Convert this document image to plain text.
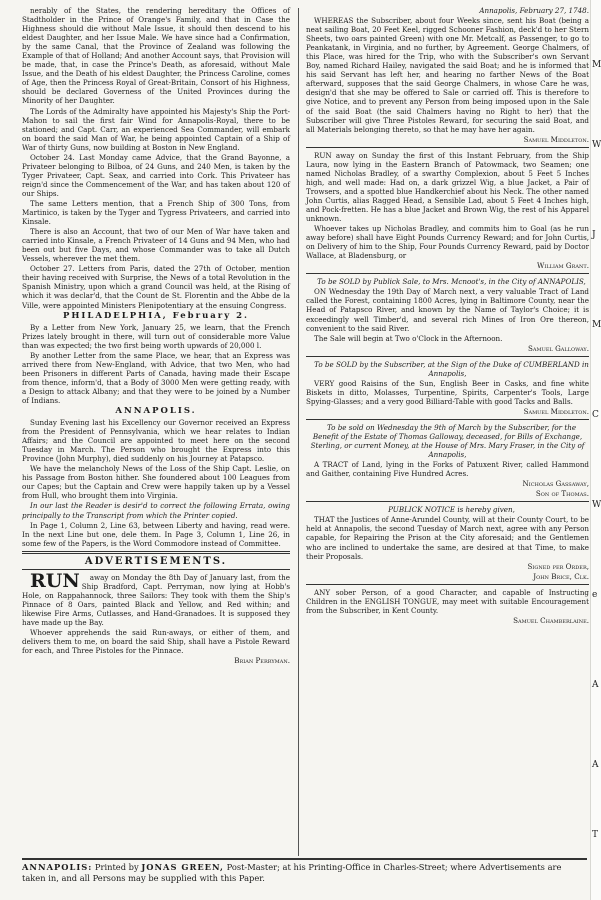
nerably of the States, the rendering hereditary the Offices of Stadtholder in the Prince of Orange's Family, and that in Case the Highness should die without Male Issue, it should then descend to his eldest Daughter, and her Issue Male. We have since had a Confirmation, by the same Canal, that the Province of Zealand was following the Example of that of Holland; And another Account says, that Provision will be made, that, in case the Prince's Death, as aforesaid, without Male Issue, and the Death of his eldest Daughter, the Princess Caroline, comes of Age, then the Princess Royal of Great-Britain, Consort of his Highness, should be declared Governess of the United Provinces during the Minority of her Daughter.

The Lords of the Admiralty have appointed his Majesty's Ship the Port-Mahon to sail the first fair Wind for Annapolis-Royal, there to be stationed; and Capt. Carr, an experienced Sea Commander, will embark on board the said Man of War, he being appointed Captain of a Ship of War of thirty Guns, now building at Boston in New England.

October 24. Last Monday came Advice, that the Grand Bayonne, a Privateer belonging to Bilboa, of 24 Guns, and 240 Men, is taken by the Tyger Privateer, Capt. Seax, and carried into Cork. This Privateer has reign'd since the Commencement of the War, and has taken about 120 of our Ships.

The same Letters mention, that a French Ship of 300 Tons, from Martinico, is taken by the Tyger and Tygress Privateers, and carried into Kinsale.

There is also an Account, that two of our Men of War have taken and carried into Kinsale, a French Privateer of 14 Guns and 94 Men, who had been out but five Days, and whose Commander was to take all Dutch Vessels, wherever the met them.

October 27. Letters from Paris, dated the 27th of October, mention their having received with Surprise, the News of a total Revolution in the Spanish Ministry, upon which a grand Council was held, at the Rising of which it was declar'd, that the Count de St. Florentin and the Abbe de la Ville, were appointed Ministers Plenipotentiary at the ensuing Congress.

PHILADELPHIA, February 2.

By a Letter from New York, January 25, we learn, that the French Prizes lately brought in there, will turn out of considerable more Value than was expected; the two first being worth upwards of 20,000 l.

By another Letter from the same Place, we hear, that an Express was arrived there from New-England, with Advice, that two Men, who had been Prisoners in different Parts of Canada, having made their Escape from thence, inform'd, that a Body of 3000 Men were getting ready, with a Design to attack Albany; and that they were to be joined by a Number of Indians.

ANNAPOLIS.

Sunday Evening last his Excellency our Governor received an Express from the President of Pennsylvania, which we hear relates to Indian Affairs; and the Council are appointed to meet here on the second Tuesday in March. The Person who brought the Express into this Province (John Murphy), died suddenly on his Journey at Patapsco.

We have the melancholy News of the Loss of the Ship Capt. Leslie, on his Passage from Boston hither. She foundered about 100 Leagues from our Capes; but the Captain and Crew were happily taken up by a Vessel from Hull, who brought them into Virginia.

In our last the Reader is desir'd to correct the following Errata, owing principally to the Transcript from which the Printer copied.

In Page 1, Column 2, Line 63, between Liberty and having, read were. In the next Line but one, dele them. In Page 3, Column 1, Line 26, in some few of the Papers, is the Word Commodore instead of Committee.

ADVERTISEMENTS.

RUN away on Monday the 8th Day of January last, from the Ship Bradford, Capt. Perryman, now lying at Hobb's Hole, on Rappahannock, three Sailors: They took with them the Ship's Pinnace of 8 Oars, painted Black and Yellow, and Red within; and likewise Fire Arms, Cutlasses, and Hand-Granadoes. It is supposed they have made up the Bay.

Whoever apprehends the said Run-aways, or either of them, and delivers them to me, on board the said Ship, shall have a Pistole Reward for each, and Three Pistoles for the Pinnace.

Brian Perryman.

Annapolis, February 27, 1748.

WHEREAS the Subscriber, about four Weeks since, sent his Boat (being a neat sailing Boat, 20 Feet Keel, rigged Schooner Fashion, deck'd to her Stern Sheets, two oars painted Green) with one Mr. Metcalf, as Passenger, to go to Peankatank, in Virginia, and no further, by Agreement. George Chalmers, of this Place, was hired for the Trip, who with the Subscriber's own Servant Boy, named Richard Hailey, navigated the said Boat; and he is informed that his said Servant has left her, and hearing no farther News of the Boat afterward, supposes that the said George Chalmers, in whose Care he was, design'd that she may be offered to Sale or carried off. This is therefore to give Notice, and to prevent any Person from being imposed upon in the Sale of the said Boat (the said Chalmers having no Right to her) that the Subscriber will give Three Pistoles Reward, for securing the said Boat, and all Materials belonging thereto, so that he may have her again.

Samuel Middleton.

RUN away on Sunday the first of this Instant February, from the Ship Laura, now lying in the Eastern Branch of Patowmack, two Seamen; one named Nicholas Bradley, of a swarthy Complexion, about 5 Feet 5 Inches high, and well made: Had on, a dark grizzel Wig, a blue Jacket, a Pair of Trowsers, and a spotted blue Handkerchief about his Neck. The other named John Curtis, alias Ragged Head, a Sensible Lad, about 5 Feet 4 Inches high, and Pock-fretten. He has a blue Jacket and Brown Wig, the rest of his Apparel unknown.

Whoever takes up Nicholas Bradley, and commits him to Goal (as he run away before) shall have Eight Pounds Currency Reward; and for John Curtis, on Delivery of him to the Ship, Four Pounds Currency Reward, paid by Doctor Wallace, at Bladensburg, or

William Grant.

To be SOLD by Publick Sale, to Mrs. Mcnoot's, in the City of ANNAPOLIS,

ON Wednesday the 19th Day of March next, a very valuable Tract of Land called the Forest, containing 1800 Acres, lying in Baltimore County, near the Head of Patapsco River, and known by the Name of Taylor's Choice; it is exceedingly well Timber'd, and several rich Mines of Iron Ore thereon, convenient to the said River.

The Sale will begin at Two o'Clock in the Afternoon.

Samuel Galloway.

To be SOLD by the Subscriber, at the Sign of the Duke of CUMBERLAND in Annapolis,

VERY good Raisins of the Sun, English Beer in Casks, and fine white Biskets in ditto, Molasses, Turpentine, Spirits, Carpenter's Tools, Large Spying-Glasses; and a very good Billiard-Table with good Tacks and Balls.

Samuel Middleton.

To be sold on Wednesday the 9th of March by the Subscriber, for the Benefit of the Estate of Thomas Galloway, deceased, for Bills of Exchange, Sterling, or current Money, at the House of Mrs. Mary Fraser, in the City of Annapolis,

A TRACT of Land, lying in the Forks of Patuxent River, called Hammond and Gaither, containing Five Hundred Acres.

Nicholas Gassaway,

Son of Thomas.

PUBLICK NOTICE is hereby given,

THAT the Justices of Anne-Arundel County, will at their County Court, to be held at Annapolis, the second Tuesday of March next, agree with any Person capable, for Repairing the Prison at the City aforesaid; and the Gentlemen who are inclined to undertake the same, are desired at that Time, to make their Proposals.

Signed per Order,

John Brice, Clk.

ANY sober Person, of a good Character, and capable of Instructing Children in the ENGLISH TONGUE, may meet with suitable Encouragement from the Subscriber, in Kent County.

Samuel Chamberlaine.

M
W
J
M
C
W
e
A
A
T
ANNAPOLIS: Printed by JONAS GREEN, Post-Master; at his Printing-Office in Charles-Street; where Advertisements are taken in, and all Persons may be supplied with this Paper.
